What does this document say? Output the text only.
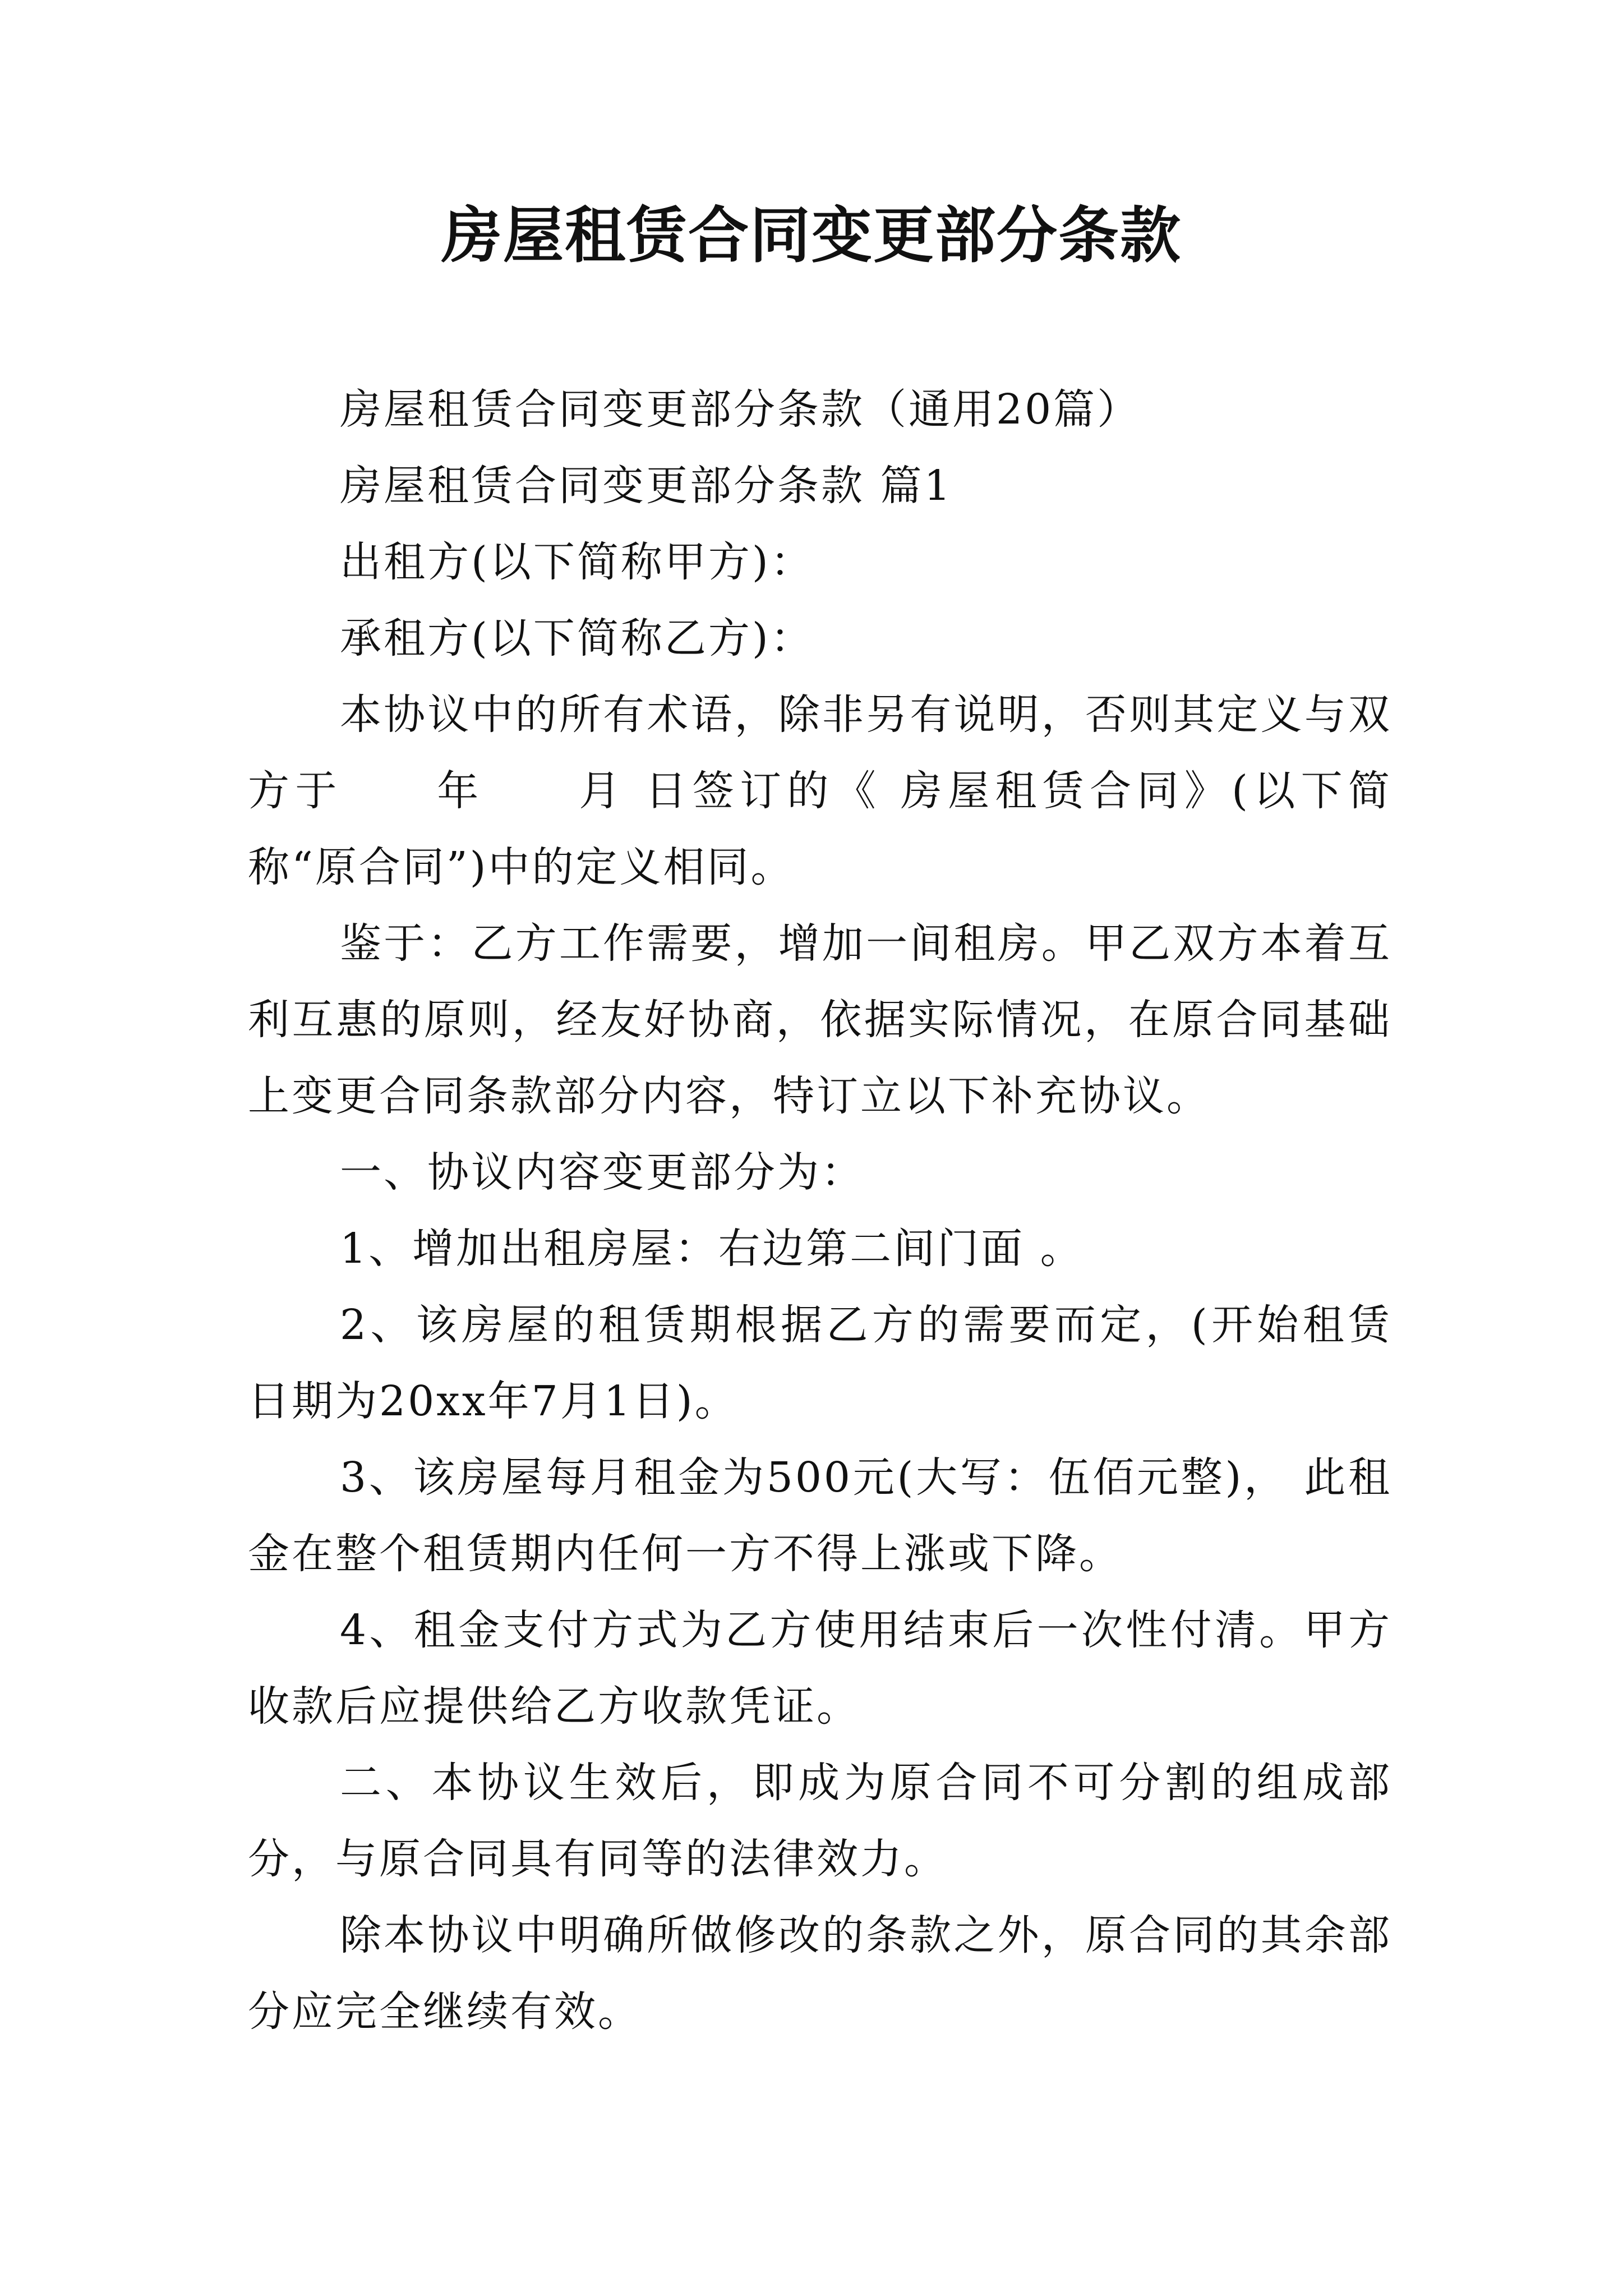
房屋租赁合同变更部分条款

房屋租赁合同变更部分条款（通用20篇）

房屋租赁合同变更部分条款 篇1

出租方(以下简称甲方)：

承租方(以下简称乙方)：

本协议中的所有术语，除非另有说明，否则其定义与双方于　　年　　月 日签订的《 房屋租赁合同》(以下简称“原合同”)中的定义相同。

鉴于：乙方工作需要，增加一间租房。甲乙双方本着互利互惠的原则，经友好协商，依据实际情况，在原合同基础上变更合同条款部分内容，特订立以下补充协议。

一、协议内容变更部分为：

1、增加出租房屋：右边第二间门面 。

2、该房屋的租赁期根据乙方的需要而定，(开始租赁日期为20xx年7月1日)。

3、该房屋每月租金为500元(大写：伍佰元整)， 此租金在整个租赁期内任何一方不得上涨或下降。

4、租金支付方式为乙方使用结束后一次性付清。甲方收款后应提供给乙方收款凭证。

二、本协议生效后，即成为原合同不可分割的组成部分，与原合同具有同等的法律效力。

除本协议中明确所做修改的条款之外，原合同的其余部分应完全继续有效。
